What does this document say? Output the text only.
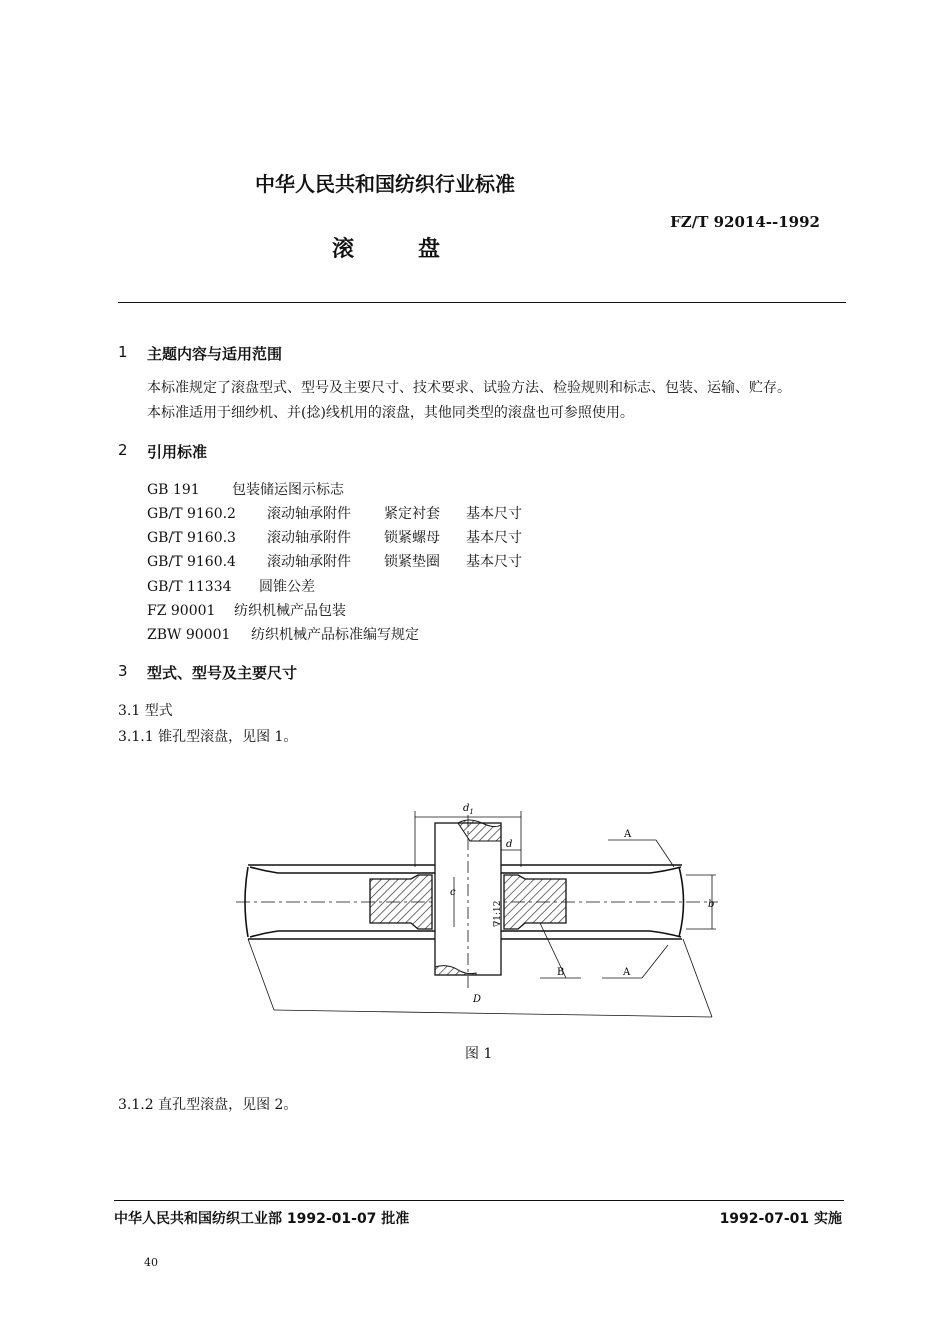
中华人民共和国纺织行业标准
FZ/T 92014--1992
滚盘
1 主题内容与适用范围
本标准规定了滚盘型式、型号及主要尺寸、技术要求、试验方法、检验规则和标志、包装、运输、贮存。
本标准适用于细纱机、并(捻)线机用的滚盘，其他同类型的滚盘也可参照使用。
2 引用标准
GB 191 包装储运图示标志
GB/T 9160.2 滚动轴承附件 紧定衬套 基本尺寸
GB/T 9160.3 滚动轴承附件 锁紧螺母 基本尺寸
GB/T 9160.4 滚动轴承附件 锁紧垫圈 基本尺寸
GB/T 11334 圆锥公差
FZ 90001 纺织机械产品包装
ZBW 90001 纺织机械产品标准编写规定
3 型式、型号及主要尺寸
3.1 型式
3.1.1 锥孔型滚盘，见图 1。
$d_1$
d
c
b
D
A
A
B
∇1:12
图 1
3.1.2 直孔型滚盘，见图 2。
中华人民共和国纺织工业部 1992-01-07 批准	1992-07-01 实施
40
